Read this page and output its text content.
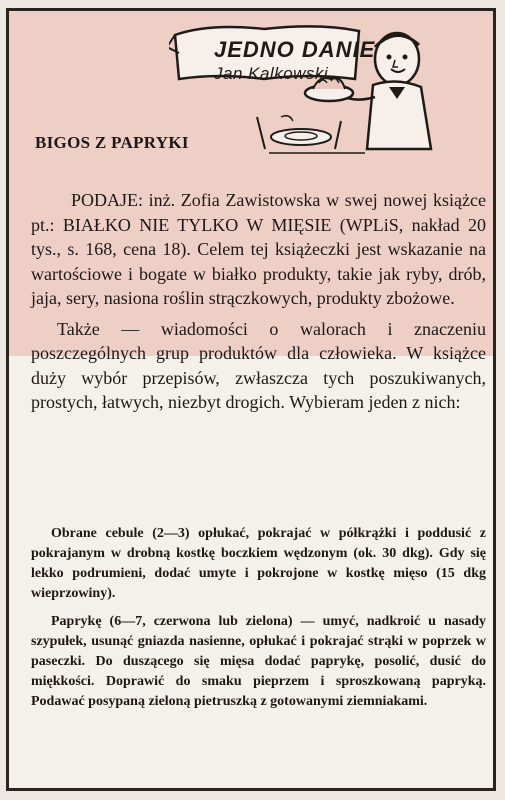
JEDNO DANIE
Jan Kalkowski
BIGOS Z PAPRYKI

PODAJE: inż. Zofia Zawistowska w swej nowej książce pt.: BIAŁKO NIE TYLKO W MIĘSIE (WPLiS, nakład 20 tys., s. 168, cena 18). Celem tej książeczki jest wskazanie na wartościowe i bogate w białko produkty, takie jak ryby, drób, jaja, sery, nasiona roślin strączkowych, produkty zbożowe.

Także — wiadomości o walorach i znaczeniu poszczególnych grup produktów dla człowieka. W książce duży wybór przepisów, zwłaszcza tych poszukiwanych, prostych, łatwych, niezbyt drogich. Wybieram jeden z nich:

Obrane cebule (2—3) opłukać, pokrajać w półkrążki i poddusić z pokrajanym w drobną kostkę boczkiem wędzonym (ok. 30 dkg). Gdy się lekko podrumieni, dodać umyte i pokrojone w kostkę mięso (15 dkg wieprzowiny).

Paprykę (6—7, czerwona lub zielona) — umyć, nadkroić u nasady szypułek, usunąć gniazda nasienne, opłukać i pokrajać strąki w poprzek w paseczki. Do duszącego się mięsa dodać paprykę, posolić, dusić do miękkości. Doprawić do smaku pieprzem i sproszkowaną papryką. Podawać posypaną zieloną pietruszką z gotowanymi ziemniakami.
